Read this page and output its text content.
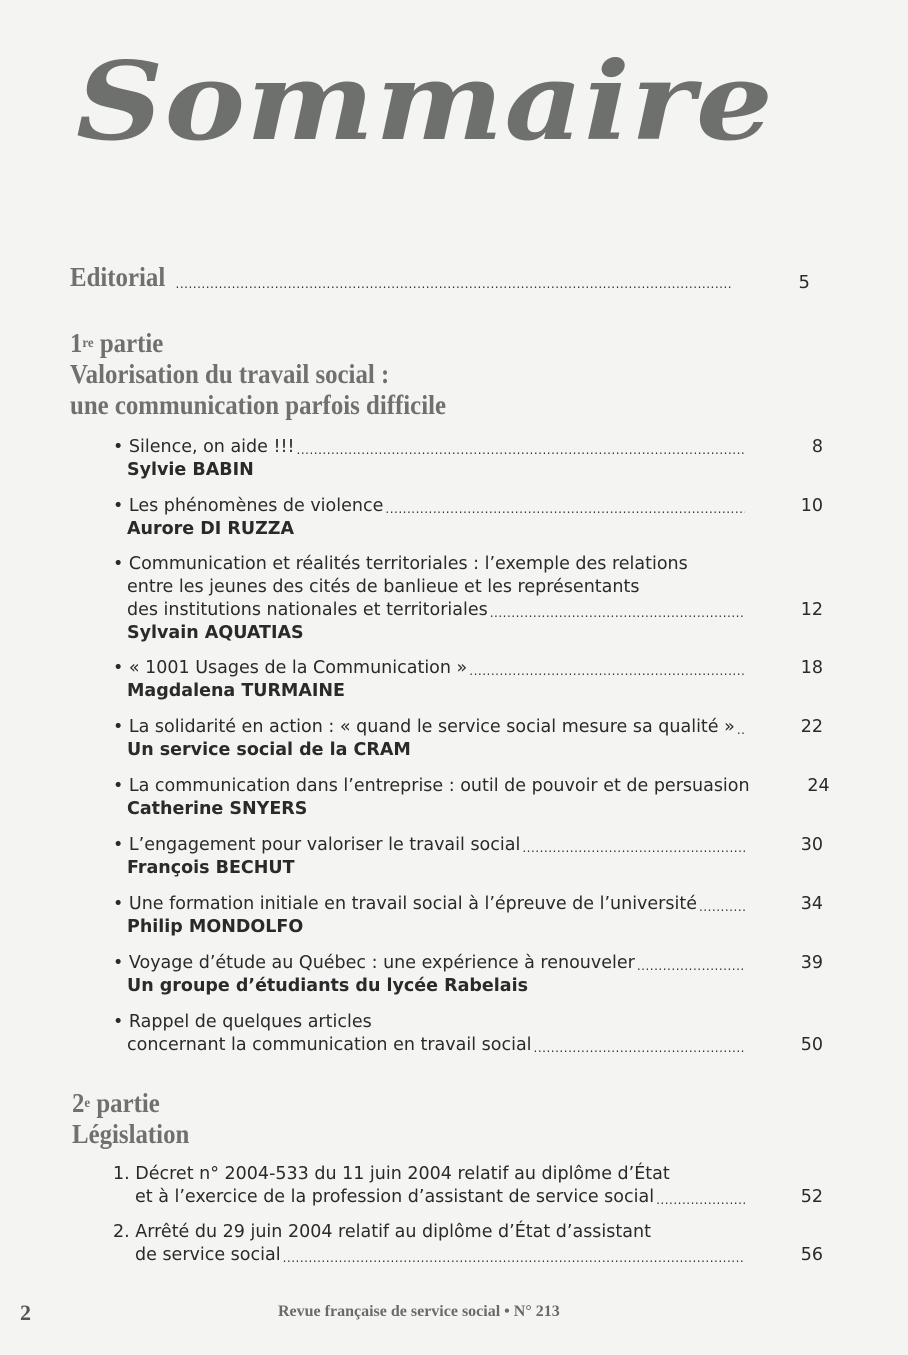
Sommaire
Editorial .....	5
1re partie
Valorisation du travail social :
une communication parfois difficile
• Silence, on aide !!! .....	8
Sylvie BABIN
• Les phénomènes de violence .....	10
Aurore DI RUZZA
• Communication et réalités territoriales : l’exemple des relations
entre les jeunes des cités de banlieue et les représentants
des institutions nationales et territoriales .....	12
Sylvain AQUATIAS
• « 1001 Usages de la Communication » .....	18
Magdalena TURMAINE
• La solidarité en action : « quand le service social mesure sa qualité » .....	22
Un service social de la CRAM
• La communication dans l’entreprise : outil de pouvoir et de persuasion	24
Catherine SNYERS
• L’engagement pour valoriser le travail social .....	30
François BECHUT
• Une formation initiale en travail social à l’épreuve de l’université .....	34
Philip MONDOLFO
• Voyage d’étude au Québec : une expérience à renouveler .....	39
Un groupe d’étudiants du lycée Rabelais
• Rappel de quelques articles
concernant la communication en travail social .....	50
2e partie
Législation
1. Décret n° 2004-533 du 11 juin 2004 relatif au diplôme d’État
et à l’exercice de la profession d’assistant de service social .....	52
2. Arrêté du 29 juin 2004 relatif au diplôme d’État d’assistant
de service social .....	56
2	Revue française de service social • N° 213
